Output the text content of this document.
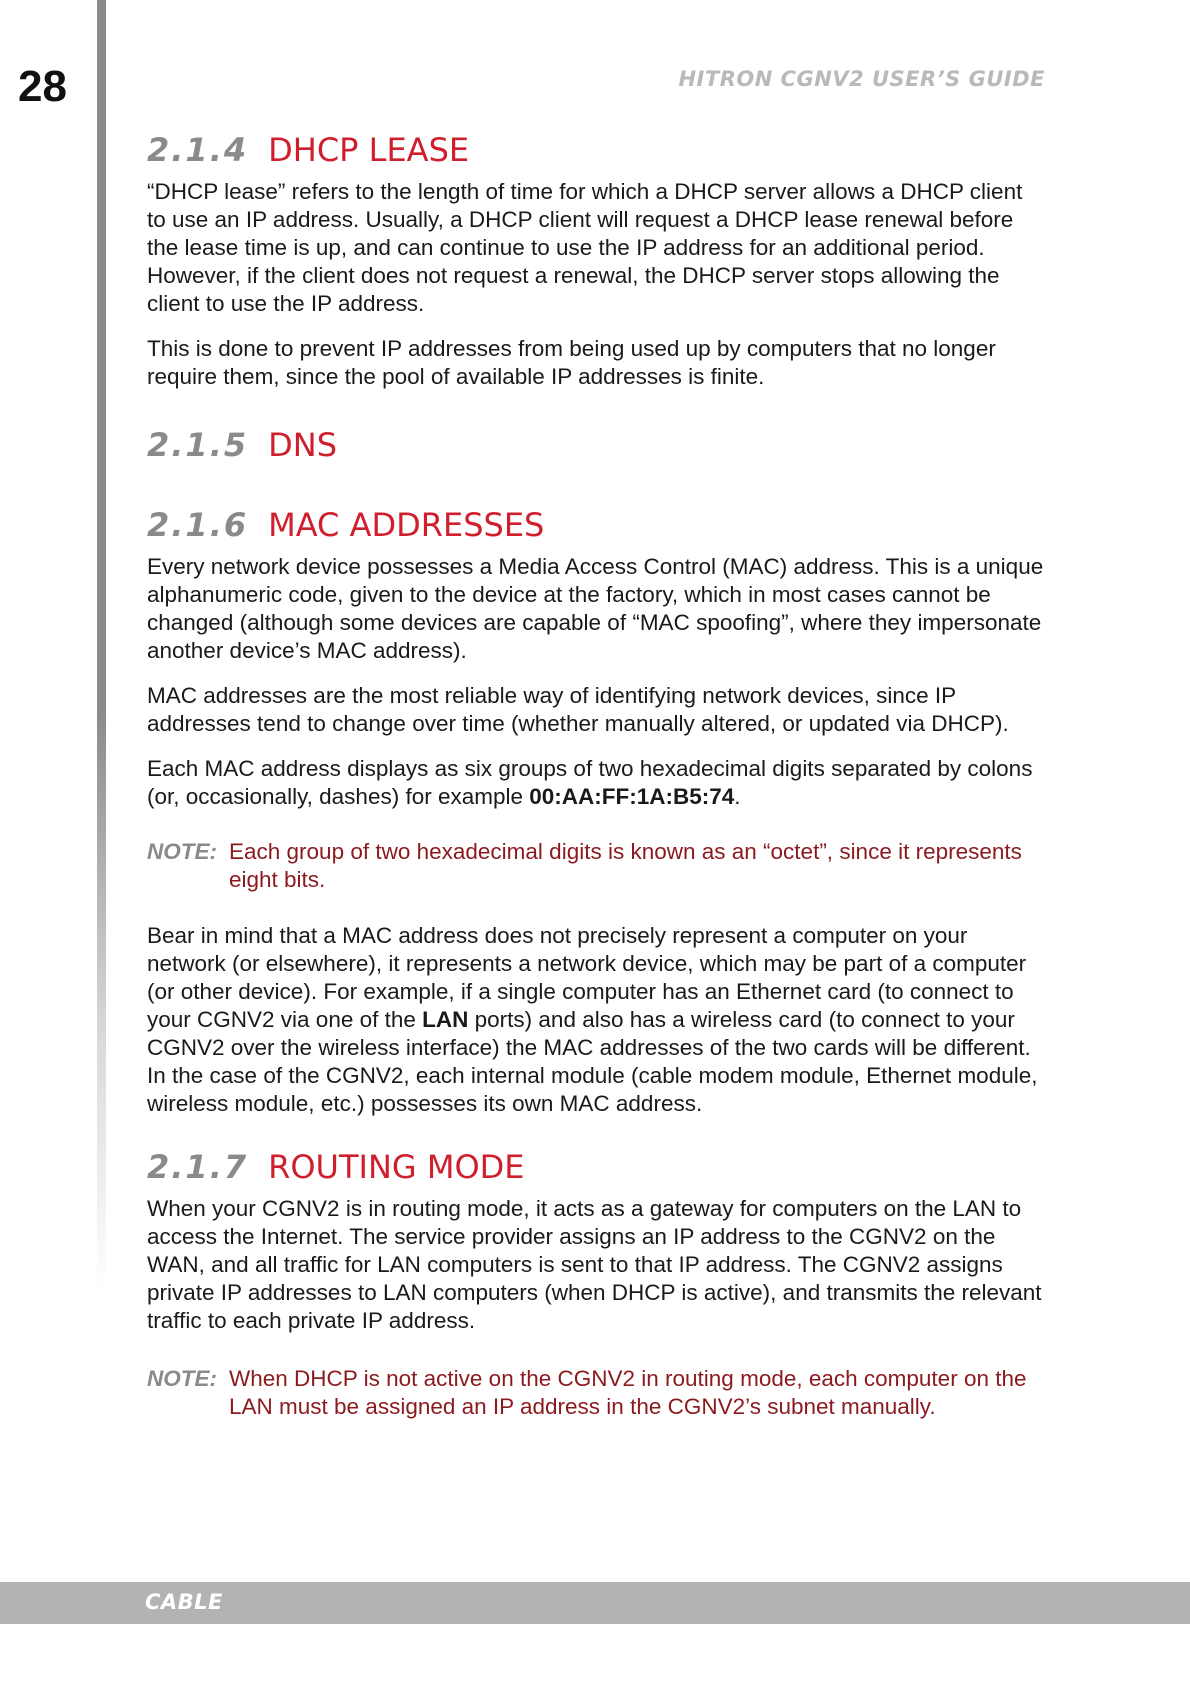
28	HITRON CGNV2 USER’S GUIDE
2.1.4 DHCP LEASE

“DHCP lease” refers to the length of time for which a DHCP server allows a DHCP client to use an IP address. Usually, a DHCP client will request a DHCP lease renewal before the lease time is up, and can continue to use the IP address for an additional period. However, if the client does not request a renewal, the DHCP server stops allowing the client to use the IP address.

This is done to prevent IP addresses from being used up by computers that no longer require them, since the pool of available IP addresses is finite.

2.1.5 DNS
2.1.6 MAC ADDRESSES

Every network device possesses a Media Access Control (MAC) address. This is a unique alphanumeric code, given to the device at the factory, which in most cases cannot be changed (although some devices are capable of “MAC spoofing”, where they impersonate another device’s MAC address).

MAC addresses are the most reliable way of identifying network devices, since IP addresses tend to change over time (whether manually altered, or updated via DHCP).

Each MAC address displays as six groups of two hexadecimal digits separated by colons (or, occasionally, dashes) for example 00:AA:FF:1A:B5:74.

NOTE: Each group of two hexadecimal digits is known as an “octet”, since it represents eight bits.

Bear in mind that a MAC address does not precisely represent a computer on your network (or elsewhere), it represents a network device, which may be part of a computer (or other device). For example, if a single computer has an Ethernet card (to connect to your CGNV2 via one of the LAN ports) and also has a wireless card (to connect to your CGNV2 over the wireless interface) the MAC addresses of the two cards will be different. In the case of the CGNV2, each internal module (cable modem module, Ethernet module, wireless module, etc.) possesses its own MAC address.

2.1.7 ROUTING MODE

When your CGNV2 is in routing mode, it acts as a gateway for computers on the LAN to access the Internet. The service provider assigns an IP address to the CGNV2 on the WAN, and all traffic for LAN computers is sent to that IP address. The CGNV2 assigns private IP addresses to LAN computers (when DHCP is active), and transmits the relevant traffic to each private IP address.

NOTE: When DHCP is not active on the CGNV2 in routing mode, each computer on the LAN must be assigned an IP address in the CGNV2’s subnet manually.
CABLE
